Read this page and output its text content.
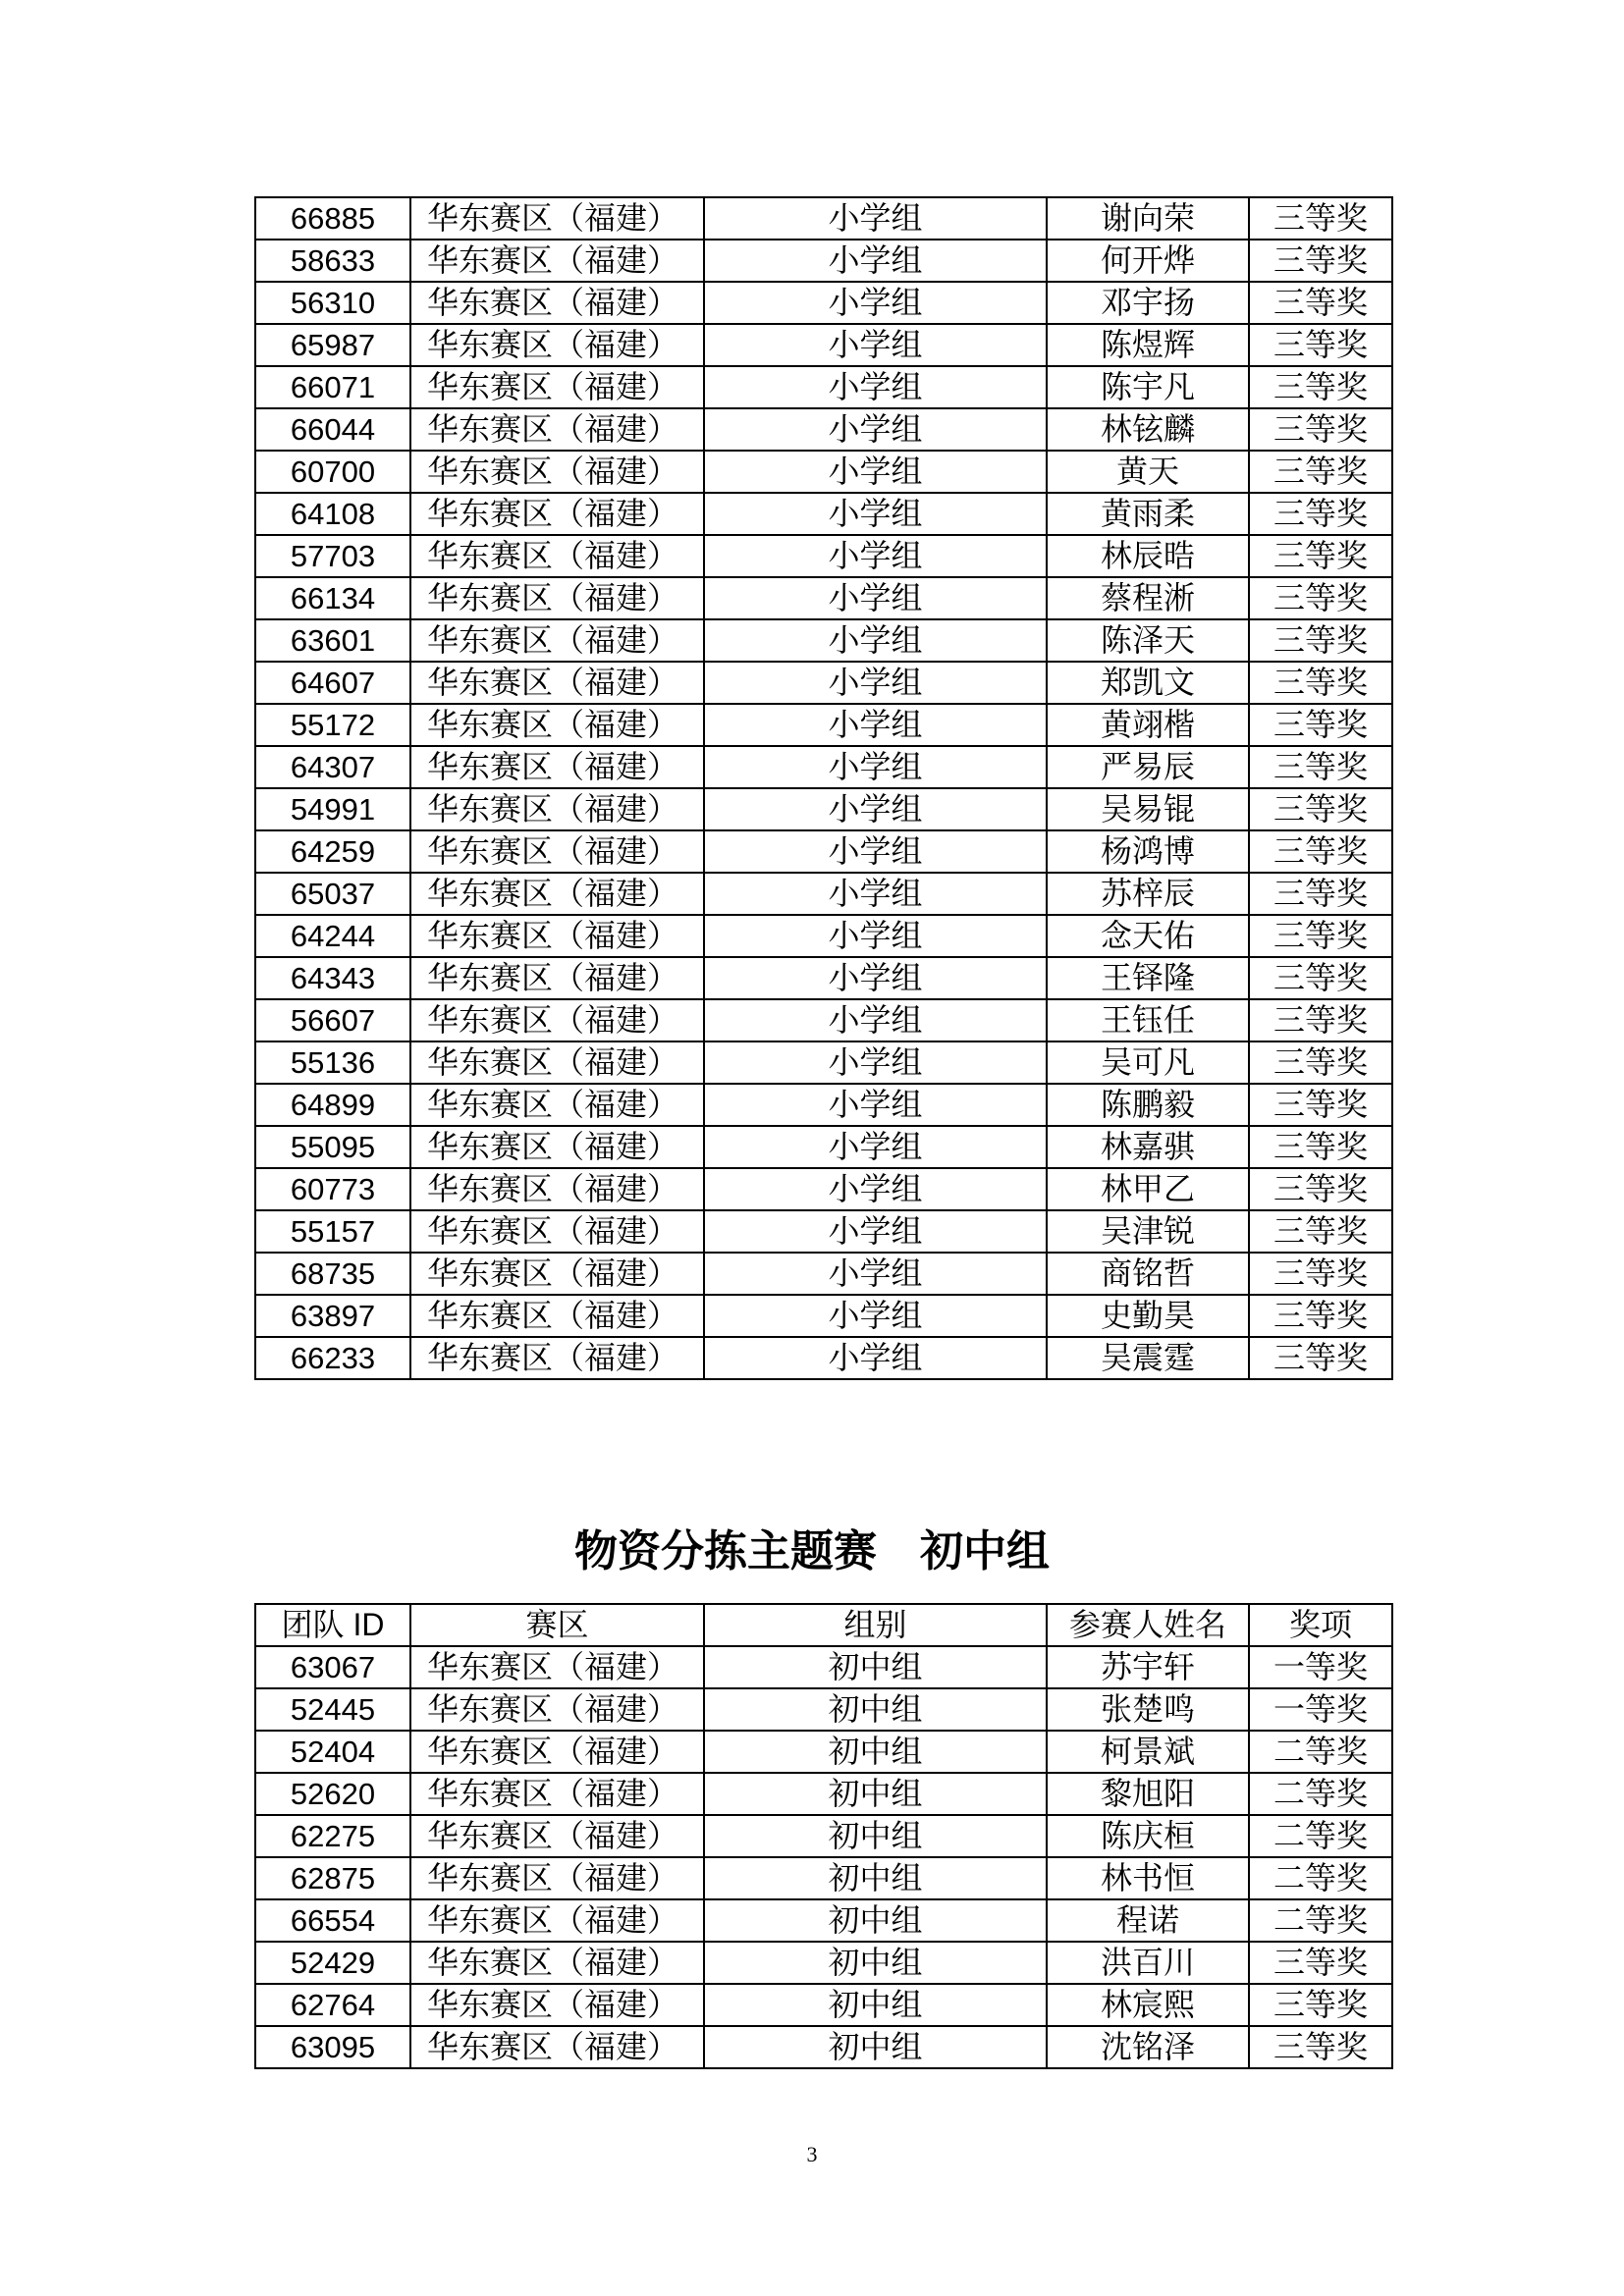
66885	华东赛区（福建）	小学组	谢向荣	三等奖
58633	华东赛区（福建）	小学组	何开烨	三等奖
56310	华东赛区（福建）	小学组	邓宇扬	三等奖
65987	华东赛区（福建）	小学组	陈煜辉	三等奖
66071	华东赛区（福建）	小学组	陈宇凡	三等奖
66044	华东赛区（福建）	小学组	林铉麟	三等奖
60700	华东赛区（福建）	小学组	黄天	三等奖
64108	华东赛区（福建）	小学组	黄雨柔	三等奖
57703	华东赛区（福建）	小学组	林辰晧	三等奖
66134	华东赛区（福建）	小学组	蔡程淅	三等奖
63601	华东赛区（福建）	小学组	陈泽天	三等奖
64607	华东赛区（福建）	小学组	郑凯文	三等奖
55172	华东赛区（福建）	小学组	黄翊楷	三等奖
64307	华东赛区（福建）	小学组	严易辰	三等奖
54991	华东赛区（福建）	小学组	吴易锟	三等奖
64259	华东赛区（福建）	小学组	杨鸿博	三等奖
65037	华东赛区（福建）	小学组	苏梓辰	三等奖
64244	华东赛区（福建）	小学组	念天佑	三等奖
64343	华东赛区（福建）	小学组	王铎隆	三等奖
56607	华东赛区（福建）	小学组	王钰任	三等奖
55136	华东赛区（福建）	小学组	吴可凡	三等奖
64899	华东赛区（福建）	小学组	陈鹏毅	三等奖
55095	华东赛区（福建）	小学组	林嘉骐	三等奖
60773	华东赛区（福建）	小学组	林甲乙	三等奖
55157	华东赛区（福建）	小学组	吴津锐	三等奖
68735	华东赛区（福建）	小学组	商铭哲	三等奖
63897	华东赛区（福建）	小学组	史勤昊	三等奖
66233	华东赛区（福建）	小学组	吴震霆	三等奖
物资分拣主题赛　初中组
团队 ID	赛区	组别	参赛人姓名	奖项
63067	华东赛区（福建）	初中组	苏宇轩	一等奖
52445	华东赛区（福建）	初中组	张楚鸣	一等奖
52404	华东赛区（福建）	初中组	柯景斌	二等奖
52620	华东赛区（福建）	初中组	黎旭阳	二等奖
62275	华东赛区（福建）	初中组	陈庆桓	二等奖
62875	华东赛区（福建）	初中组	林书恒	二等奖
66554	华东赛区（福建）	初中组	程诺	二等奖
52429	华东赛区（福建）	初中组	洪百川	三等奖
62764	华东赛区（福建）	初中组	林宸熙	三等奖
63095	华东赛区（福建）	初中组	沈铭泽	三等奖
3
